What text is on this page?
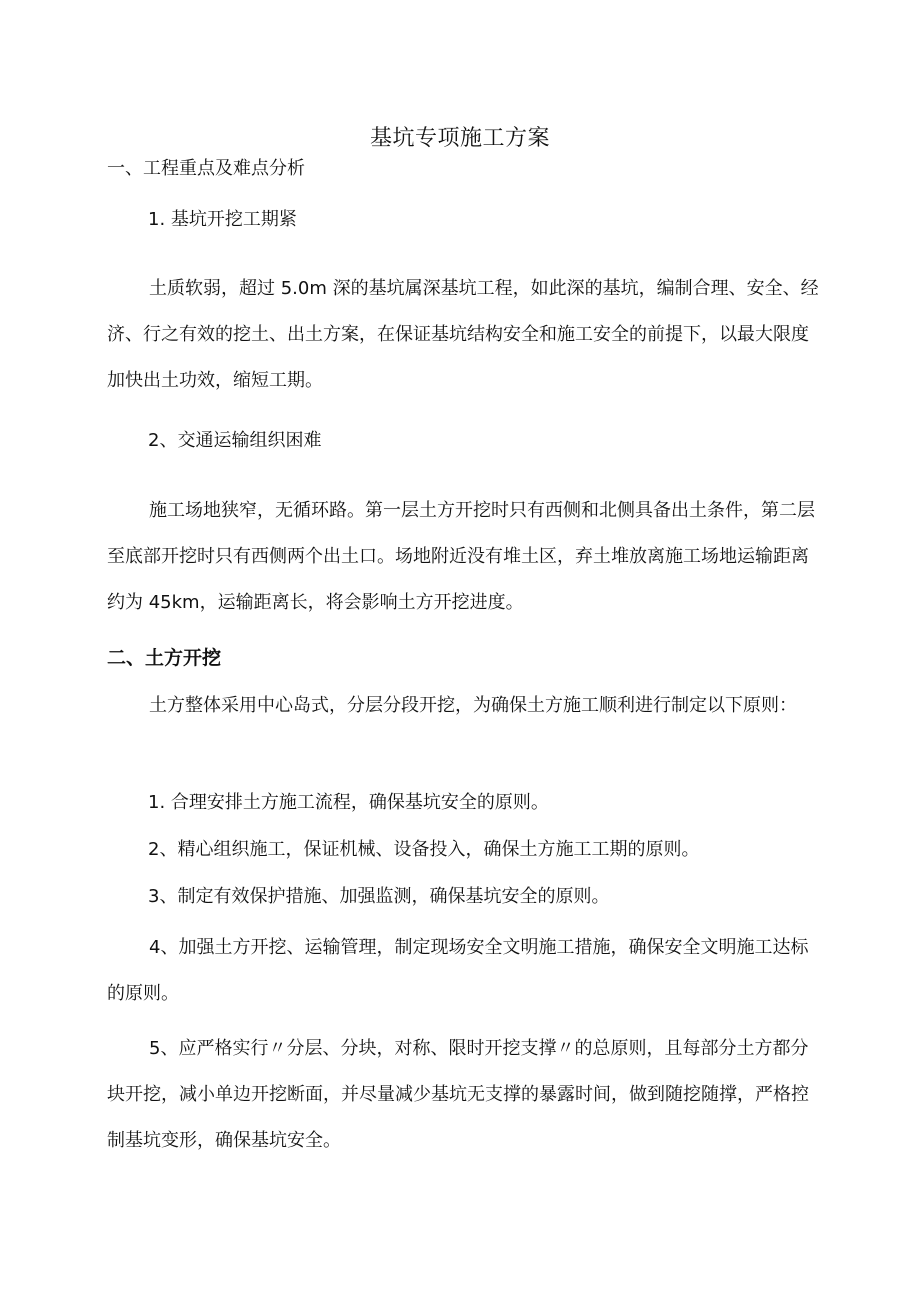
基坑专项施工方案
一、工程重点及难点分析
1. 基坑开挖工期紧
土质软弱，超过 5.0m 深的基坑属深基坑工程，如此深的基坑，编制合理、安全、经济、行之有效的挖土、出土方案，在保证基坑结构安全和施工安全的前提下，以最大限度加快出土功效，缩短工期。
2、交通运输组织困难
施工场地狭窄，无循环路。第一层土方开挖时只有西侧和北侧具备出土条件，第二层至底部开挖时只有西侧两个出土口。场地附近没有堆土区，弃土堆放离施工场地运输距离约为 45km，运输距离长，将会影响土方开挖进度。
二、土方开挖
土方整体采用中心岛式，分层分段开挖，为确保土方施工顺利进行制定以下原则：
1. 合理安排土方施工流程，确保基坑安全的原则。
2、精心组织施工，保证机械、设备投入，确保土方施工工期的原则。
3、制定有效保护措施、加强监测，确保基坑安全的原则。
4、加强土方开挖、运输管理，制定现场安全文明施工措施，确保安全文明施工达标的原则。
5、应严格实行〃分层、分块，对称、限时开挖支撑〃的总原则，且每部分土方都分块开挖，减小单边开挖断面，并尽量减少基坑无支撑的暴露时间，做到随挖随撑，严格控制基坑变形，确保基坑安全。
